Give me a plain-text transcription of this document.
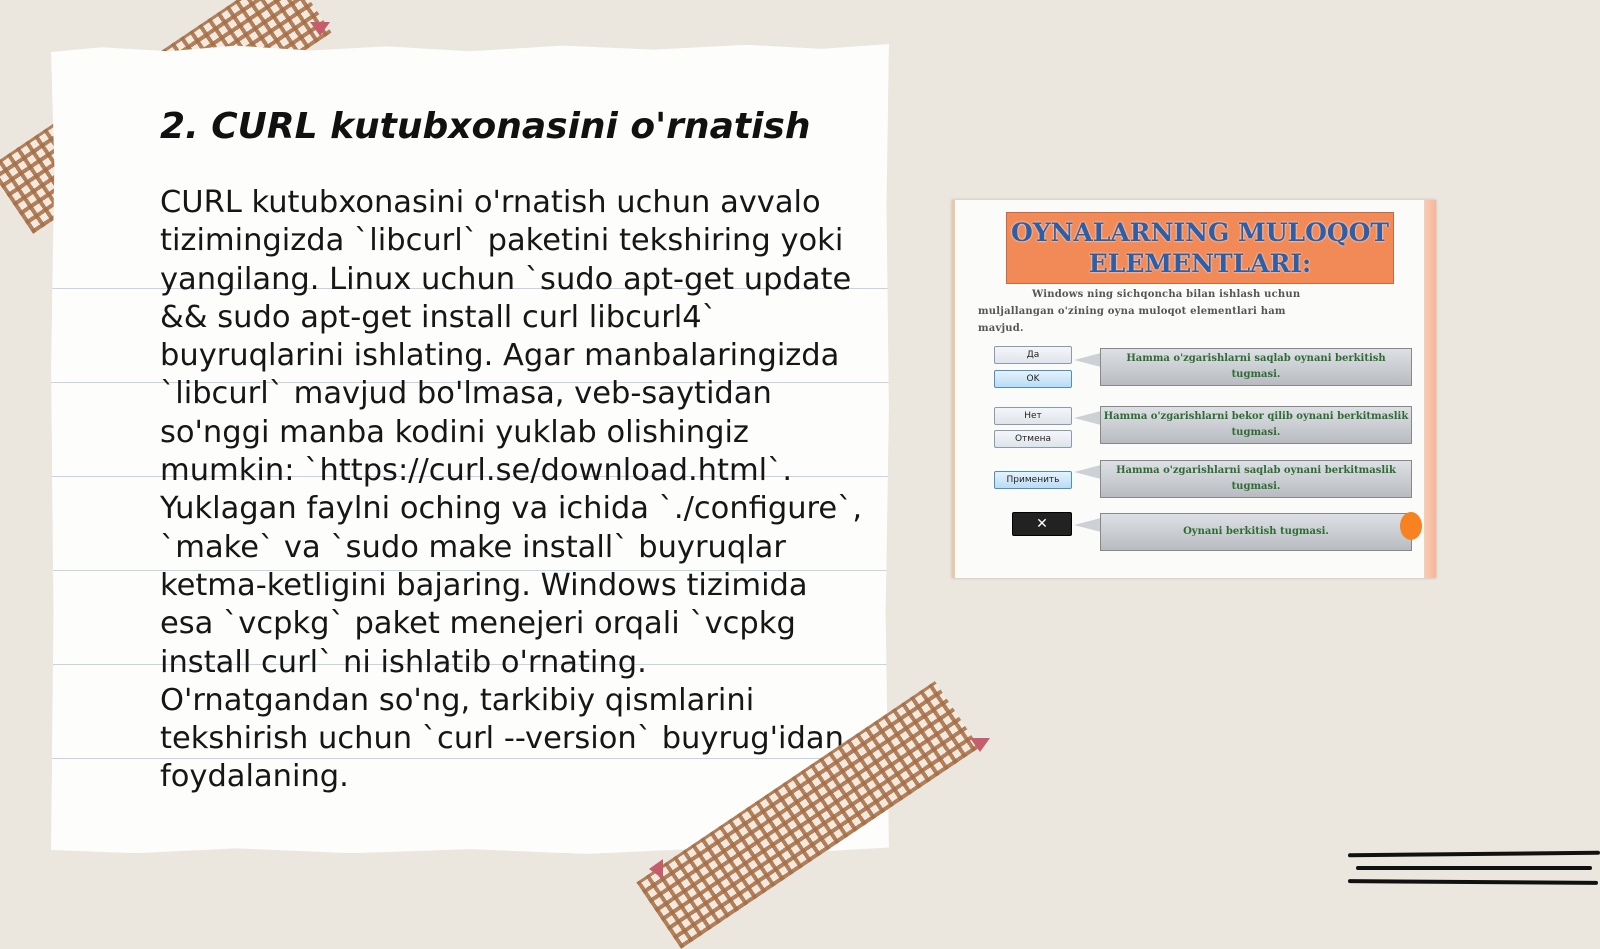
2. CURL kutubxonasini o'rnatish
CURL kutubxonasini o'rnatish uchun avvalo
tizimingizda `libcurl` paketini tekshiring yoki
yangilang. Linux uchun `sudo apt-get update
&& sudo apt-get install curl libcurl4`
buyruqlarini ishlating. Agar manbalaringizda
`libcurl` mavjud bo'lmasa, veb-saytidan
so'nggi manba kodini yuklab olishingiz
mumkin: `https://curl.se/download.html`.
Yuklagan faylni oching va ichida `./configure`,
`make` va `sudo make install` buyruqlar
ketma-ketligini bajaring. Windows tizimida
esa `vcpkg` paket menejeri orqali `vcpkg
install curl` ni ishlatib o'rnating.
O'rnatgandan so'ng, tarkibiy qismlarini
tekshirish uchun `curl --version` buyrug'idan
foydalaning.
OYNALARNING MULOQOT
ELEMENTLARI:
Windows ning sichqoncha bilan ishlash uchun
muljallangan o'zining oyna muloqot elementlari ham
mavjud.
Да
OK
Hamma o'zgarishlarni saqlab oynani berkitish tugmasi.
Нет
Отмена
Hamma o'zgarishlarni bekor qilib oynani berkitmaslik tugmasi.
Применить
Hamma o'zgarishlarni saqlab oynani berkitmaslik tugmasi.
✕	Oynani berkitish tugmasi.
